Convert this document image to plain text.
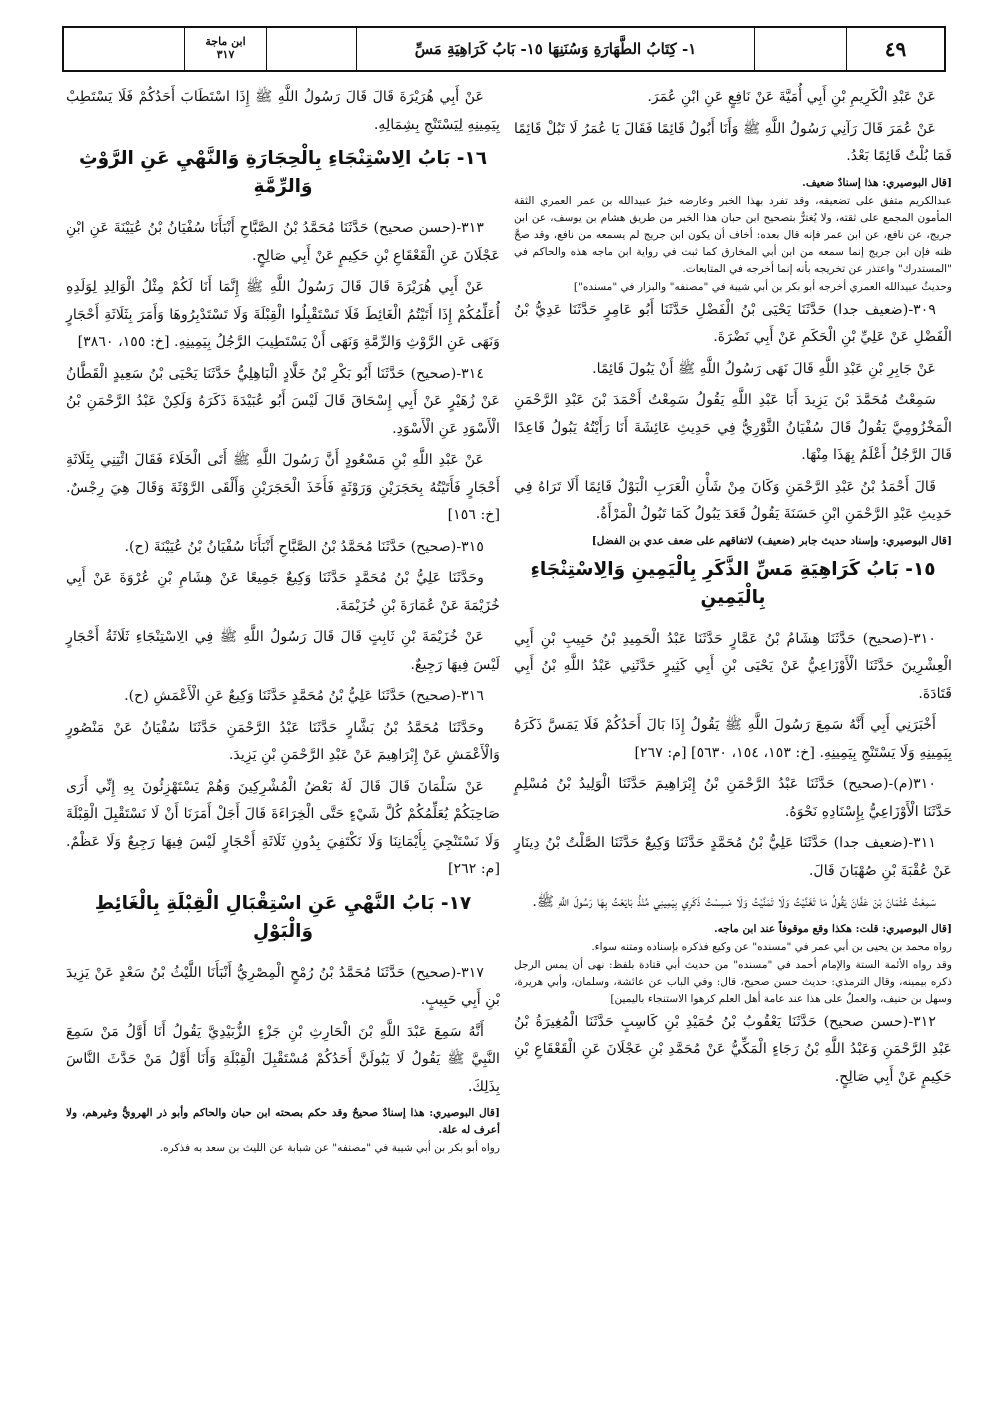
٤٩
١- كِتَابُ الطَّهَارَةِ وَسُنَنِهَا ١٥- بَابُ كَرَاهِيَةِ مَسِّ
ابن ماجة
٣١٧

عَنْ عَبْدِ الْكَرِيمِ بْنِ أَبِي أُمَيَّةَ عَنْ نَافِعٍ عَنِ ابْنِ عُمَرَ.

عَنْ عُمَرَ قَالَ رَآنِي رَسُولُ اللَّهِ ﷺ وَأَنَا أَبُولُ قَائِمًا فَقَالَ يَا عُمَرُ لَا تَبُلْ قَائِمًا فَمَا بُلْتُ قَائِمًا بَعْدُ.

[قال البوصيري: هذا إسنادٌ ضعيف.

عبدالكريم متفق على تضعيفه، وقد تفرد بهذا الخبر وعارضه خبرُ عبيدالله بن عمر العمري الثقة المأمون المجمع على ثقته، ولا يُغترُّ بتصحيح ابن حبان هذا الخبر من طريق هشام بن يوسف، عن ابن جريج، عن نافع، عن ابن عمر فإنه قال بعده: أخاف أن يكون ابن جريج لم يسمعه من نافع، وقد صحَّ ظنه فإن ابن جريج إنما سمعه من ابن أبي المخارق كما ثبت في رواية ابن ماجه هذه والحاكم في "المستدرك" واعتذر عن تخريجه بأنه إنما أخرجه في المتابعات.

وحديثُ عبيدالله العمري أخرجه أبو بكر بن أبي شيبة في "مصنفه" والبزار في "مسنده"]

٣٠٩-(ضعيف جدا) حَدَّثَنَا يَحْيَى بْنُ الْفَضْلِ حَدَّثَنَا أَبُو عَامِرٍ حَدَّثَنَا عَدِيُّ بْنُ الْفَضْلِ عَنْ عَلِيِّ بْنِ الْحَكَمِ عَنْ أَبِي نَضْرَةَ.

عَنْ جَابِرِ بْنِ عَبْدِ اللَّهِ قَالَ نَهَى رَسُولُ اللَّهِ ﷺ أَنْ يَبُولَ قَائِمًا.

سَمِعْتُ مُحَمَّدَ بْنَ يَزِيدَ أَبَا عَبْدِ اللَّهِ يَقُولُ سَمِعْتُ أَحْمَدَ بْنَ عَبْدِ الرَّحْمَنِ الْمَخْزُومِيَّ يَقُولُ قَالَ سُفْيَانُ الثَّوْرِيُّ فِي حَدِيثِ عَائِشَةَ أَنَا رَأَيْتُهُ يَبُولُ قَاعِدًا قَالَ الرَّجُلُ أَعْلَمُ بِهَذَا مِنْهَا.

قَالَ أَحْمَدُ بْنُ عَبْدِ الرَّحْمَنِ وَكَانَ مِنْ شَأْنِ الْعَرَبِ الْبَوْلُ قَائِمًا أَلَا تَرَاهُ فِي حَدِيثِ عَبْدِ الرَّحْمَنِ ابْنِ حَسَنَةَ يَقُولُ قَعَدَ يَبُولُ كَمَا تَبُولُ الْمَرْأَةُ.

[قال البوصيري: وإسناد حديث جابر (ضعيف) لاتفاقهم على ضعف عدي بن الفضل]

١٥- بَابُ كَرَاهِيَةِ مَسِّ الذَّكَرِ بِالْيَمِينِ وَالِاسْتِنْجَاءِ بِالْيَمِينِ

٣١٠-(صحيح) حَدَّثَنَا هِشَامُ بْنُ عَمَّارٍ حَدَّثَنَا عَبْدُ الْحَمِيدِ بْنُ حَبِيبِ بْنِ أَبِي الْعِشْرِينَ حَدَّثَنَا الْأَوْزَاعِيُّ عَنْ يَحْيَى بْنِ أَبِي كَثِيرٍ حَدَّثَنِي عَبْدُ اللَّهِ بْنُ أَبِي قَتَادَةَ.

أَخْبَرَنِي أَبِي أَنَّهُ سَمِعَ رَسُولَ اللَّهِ ﷺ يَقُولُ إِذَا بَالَ أَحَدُكُمْ فَلَا يَمَسَّ ذَكَرَهُ بِيَمِينِهِ وَلَا يَسْتَنْجِ بِيَمِينِهِ. [خ: ١٥٣، ١٥٤، ٥٦٣٠] [م: ٢٦٧]

٣١٠(م)-(صحيح) حَدَّثَنَا عَبْدُ الرَّحْمَنِ بْنُ إِبْرَاهِيمَ حَدَّثَنَا الْوَلِيدُ بْنُ مُسْلِمٍ حَدَّثَنَا الْأَوْزَاعِيُّ بِإِسْنَادِهِ نَحْوَهُ.

٣١١-(ضعيف جدا) حَدَّثَنَا عَلِيُّ بْنُ مُحَمَّدٍ حَدَّثَنَا وَكِيعٌ حَدَّثَنَا الصَّلْتُ بْنُ دِينَارٍ عَنْ عُقْبَةَ بْنِ صُهْبَانَ قَالَ.

سَمِعْتُ عُثْمَانَ بْنَ عَفَّانَ يَقُولُ مَا تَغَنَّيْتُ وَلَا تَمَنَّيْتُ وَلَا مَسِسْتُ ذَكَرِي بِيَمِينِي مُنْذُ بَايَعْتُ بِهَا رَسُولَ اللَّهِ ﷺ.

[قال البوصيري: قلت: هكذا وقع موقوفاً عند ابن ماجه.

رواه محمد بن يحيى بن أبي عمر في "مسنده" عن وكيع فذكره بإسناده ومتنه سواء.

وقد رواه الأئمة الستة والإمام أحمد في "مسنده" من حديث أبي قتادة بلفظ: نهى أن يمس الرجل ذكره بيمينه، وقال الترمذي: حديث حسن صحيح، قال: وفي الباب عن عائشة، وسلمان، وأبي هريرة، وسهل بن حنيف، والعملُ على هذا عند عامة أهل العلم كرهوا الاستنجاء باليمين]

٣١٢-(حسن صحيح) حَدَّثَنَا يَعْقُوبُ بْنُ حُمَيْدِ بْنِ كَاسِبٍ حَدَّثَنَا الْمُغِيرَةُ بْنُ عَبْدِ الرَّحْمَنِ وَعَبْدُ اللَّهِ بْنُ رَجَاءٍ الْمَكِّيُّ عَنْ مُحَمَّدِ بْنِ عَجْلَانَ عَنِ الْقَعْقَاعِ بْنِ حَكِيمٍ عَنْ أَبِي صَالِحٍ.

عَنْ أَبِي هُرَيْرَةَ قَالَ قَالَ رَسُولُ اللَّهِ ﷺ إِذَا اسْتَطَابَ أَحَدُكُمْ فَلَا يَسْتَطِبْ بِيَمِينِهِ لِيَسْتَنْجِ بِشِمَالِهِ.

١٦- بَابُ الِاسْتِنْجَاءِ بِالْحِجَارَةِ وَالنَّهْيِ عَنِ الرَّوْثِ وَالرِّمَّةِ

٣١٣-(حسن صحيح) حَدَّثَنَا مُحَمَّدُ بْنُ الصَّبَّاحِ أَنْبَأَنَا سُفْيَانُ بْنُ عُيَيْنَةَ عَنِ ابْنِ عَجْلَانَ عَنِ الْقَعْقَاعِ بْنِ حَكِيمٍ عَنْ أَبِي صَالِحٍ.

عَنْ أَبِي هُرَيْرَةَ قَالَ قَالَ رَسُولُ اللَّهِ ﷺ إِنَّمَا أَنَا لَكُمْ مِثْلُ الْوَالِدِ لِوَلَدِهِ أُعَلِّمُكُمْ إِذَا أَتَيْتُمُ الْغَائِطَ فَلَا تَسْتَقْبِلُوا الْقِبْلَةَ وَلَا تَسْتَدْبِرُوهَا وَأَمَرَ بِثَلَاثَةِ أَحْجَارٍ وَنَهَى عَنِ الرَّوْثِ وَالرِّمَّةِ وَنَهَى أَنْ يَسْتَطِيبَ الرَّجُلُ بِيَمِينِهِ. [خ: ١٥٥، ٣٨٦٠]

٣١٤-(صحيح) حَدَّثَنَا أَبُو بَكْرِ بْنُ خَلَّادٍ الْبَاهِلِيُّ حَدَّثَنَا يَحْيَى بْنُ سَعِيدٍ الْقَطَّانُ عَنْ زُهَيْرٍ عَنْ أَبِي إِسْحَاقَ قَالَ لَيْسَ أَبُو عُبَيْدَةَ ذَكَرَهُ وَلَكِنْ عَبْدُ الرَّحْمَنِ بْنُ الْأَسْوَدِ عَنِ الْأَسْوَدِ.

عَنْ عَبْدِ اللَّهِ بْنِ مَسْعُودٍ أَنَّ رَسُولَ اللَّهِ ﷺ أَتَى الْخَلَاءَ فَقَالَ ائْتِنِي بِثَلَاثَةِ أَحْجَارٍ فَأَتَيْتُهُ بِحَجَرَيْنِ وَرَوْثَةٍ فَأَخَذَ الْحَجَرَيْنِ وَأَلْقَى الرَّوْثَةَ وَقَالَ هِيَ رِجْسٌ. [خ: ١٥٦]

٣١٥-(صحيح) حَدَّثَنَا مُحَمَّدُ بْنُ الصَّبَّاحِ أَنْبَأَنَا سُفْيَانُ بْنُ عُيَيْنَةَ (ح).

وحَدَّثَنَا عَلِيُّ بْنُ مُحَمَّدٍ حَدَّثَنَا وَكِيعٌ جَمِيعًا عَنْ هِشَامِ بْنِ عُرْوَةَ عَنْ أَبِي خُزَيْمَةَ عَنْ عُمَارَةَ بْنِ خُزَيْمَةَ.

عَنْ خُزَيْمَةَ بْنِ ثَابِتٍ قَالَ قَالَ رَسُولُ اللَّهِ ﷺ فِي الِاسْتِنْجَاءِ ثَلَاثَةُ أَحْجَارٍ لَيْسَ فِيهَا رَجِيعٌ.

٣١٦-(صحيح) حَدَّثَنَا عَلِيُّ بْنُ مُحَمَّدٍ حَدَّثَنَا وَكِيعٌ عَنِ الْأَعْمَشِ (ح).

وحَدَّثَنَا مُحَمَّدُ بْنُ بَشَّارٍ حَدَّثَنَا عَبْدُ الرَّحْمَنِ حَدَّثَنَا سُفْيَانُ عَنْ مَنْصُورٍ وَالْأَعْمَشِ عَنْ إِبْرَاهِيمَ عَنْ عَبْدِ الرَّحْمَنِ بْنِ يَزِيدَ.

عَنْ سَلْمَانَ قَالَ قَالَ لَهُ بَعْضُ الْمُشْرِكِينَ وَهُمْ يَسْتَهْزِئُونَ بِهِ إِنِّي أَرَى صَاحِبَكُمْ يُعَلِّمُكُمْ كُلَّ شَيْءٍ حَتَّى الْخِرَاءَةَ قَالَ أَجَلْ أَمَرَنَا أَنْ لَا نَسْتَقْبِلَ الْقِبْلَةَ وَلَا نَسْتَنْجِيَ بِأَيْمَانِنَا وَلَا نَكْتَفِيَ بِدُونِ ثَلَاثَةِ أَحْجَارٍ لَيْسَ فِيهَا رَجِيعٌ وَلَا عَظْمٌ. [م: ٢٦٢]

١٧- بَابُ النَّهْيِ عَنِ اسْتِقْبَالِ الْقِبْلَةِ بِالْغَائِطِ وَالْبَوْلِ

٣١٧-(صحيح) حَدَّثَنَا مُحَمَّدُ بْنُ رُمْحٍ الْمِصْرِيُّ أَنْبَأَنَا اللَّيْثُ بْنُ سَعْدٍ عَنْ يَزِيدَ بْنِ أَبِي حَبِيبٍ.

أَنَّهُ سَمِعَ عَبْدَ اللَّهِ بْنَ الْحَارِثِ بْنِ جَزْءٍ الزُّبَيْدِيَّ يَقُولُ أَنَا أَوَّلُ مَنْ سَمِعَ النَّبِيَّ ﷺ يَقُولُ لَا يَبُولَنَّ أَحَدُكُمْ مُسْتَقْبِلَ الْقِبْلَةِ وَأَنَا أَوَّلُ مَنْ حَدَّثَ النَّاسَ بِذَلِكَ.

[قال البوصيري: هذا إسنادٌ صحيحٌ وقد حكم بصحته ابن حبان والحاكم وأبو ذر الهرويُّ وغيرهم، ولا أعرف له علة.

رواه أبو بكر بن أبي شيبة في "مصنفه" عن شبابة عن الليث بن سعد به فذكره.
